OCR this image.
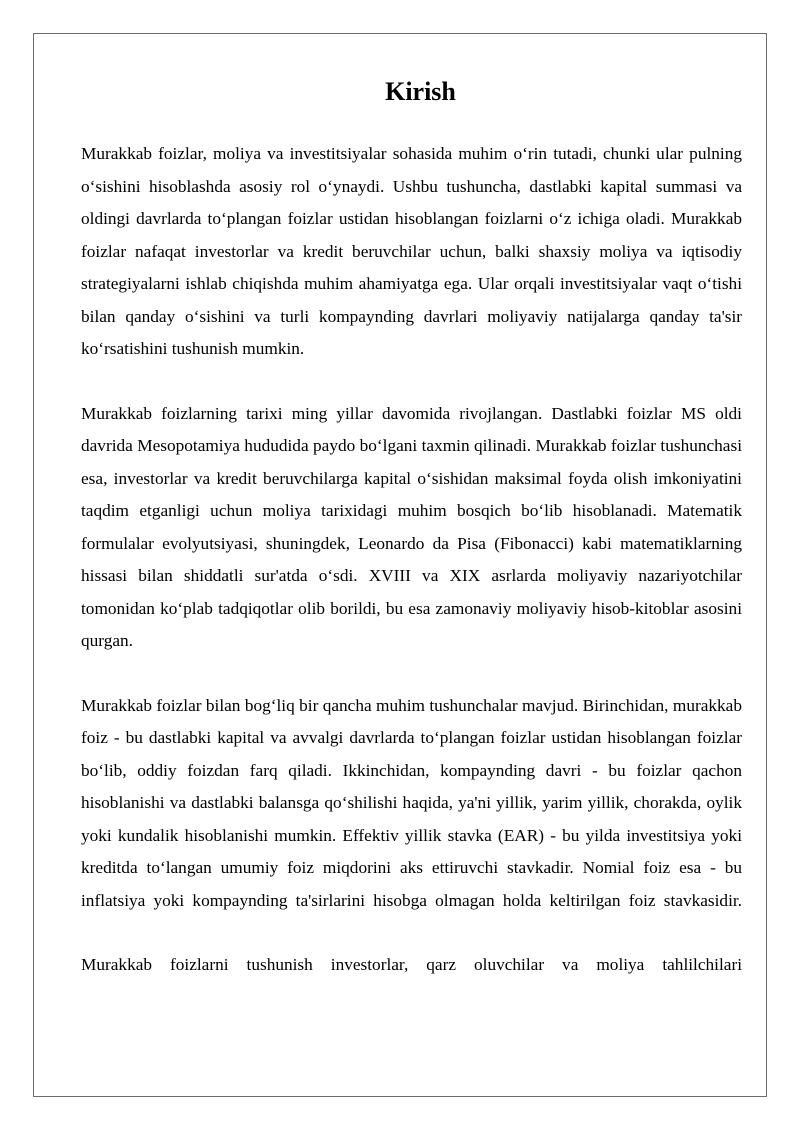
Kirish

Murakkab foizlar, moliya va investitsiyalar sohasida muhim o‘rin tutadi, chunki ular pulning o‘sishini hisoblashda asosiy rol o‘ynaydi. Ushbu tushuncha, dastlabki kapital summasi va oldingi davrlarda to‘plangan foizlar ustidan hisoblangan foizlarni o‘z ichiga oladi. Murakkab foizlar nafaqat investorlar va kredit beruvchilar uchun, balki shaxsiy moliya va iqtisodiy strategiyalarni ishlab chiqishda muhim ahamiyatga ega. Ular orqali investitsiyalar vaqt o‘tishi bilan qanday o‘sishini va turli kompaynding davrlari moliyaviy natijalarga qanday ta'sir ko‘rsatishini tushunish mumkin.

Murakkab foizlarning tarixi ming yillar davomida rivojlangan. Dastlabki foizlar MS oldi davrida Mesopotamiya hududida paydo bo‘lgani taxmin qilinadi. Murakkab foizlar tushunchasi esa, investorlar va kredit beruvchilarga kapital o‘sishidan maksimal foyda olish imkoniyatini taqdim etganligi uchun moliya tarixidagi muhim bosqich bo‘lib hisoblanadi. Matematik formulalar evolyutsiyasi, shuningdek, Leonardo da Pisa (Fibonacci) kabi matematiklarning hissasi bilan shiddatli sur'atda o‘sdi. XVIII va XIX asrlarda moliyaviy nazariyotchilar tomonidan ko‘plab tadqiqotlar olib borildi, bu esa zamonaviy moliyaviy hisob-kitoblar asosini qurgan.

Murakkab foizlar bilan bog‘liq bir qancha muhim tushunchalar mavjud. Birinchidan, murakkab foiz - bu dastlabki kapital va avvalgi davrlarda to‘plangan foizlar ustidan hisoblangan foizlar bo‘lib, oddiy foizdan farq qiladi. Ikkinchidan, kompaynding davri - bu foizlar qachon hisoblanishi va dastlabki balansga qo‘shilishi haqida, ya'ni yillik, yarim yillik, chorakda, oylik yoki kundalik hisoblanishi mumkin. Effektiv yillik stavka (EAR) - bu yilda investitsiya yoki kreditda to‘langan umumiy foiz miqdorini aks ettiruvchi stavkadir. Nomial foiz esa - bu inflatsiya yoki kompaynding ta'sirlarini hisobga olmagan holda keltirilgan foiz stavkasidir.

Murakkab foizlarni tushunish investorlar, qarz oluvchilar va moliya tahlilchilari
